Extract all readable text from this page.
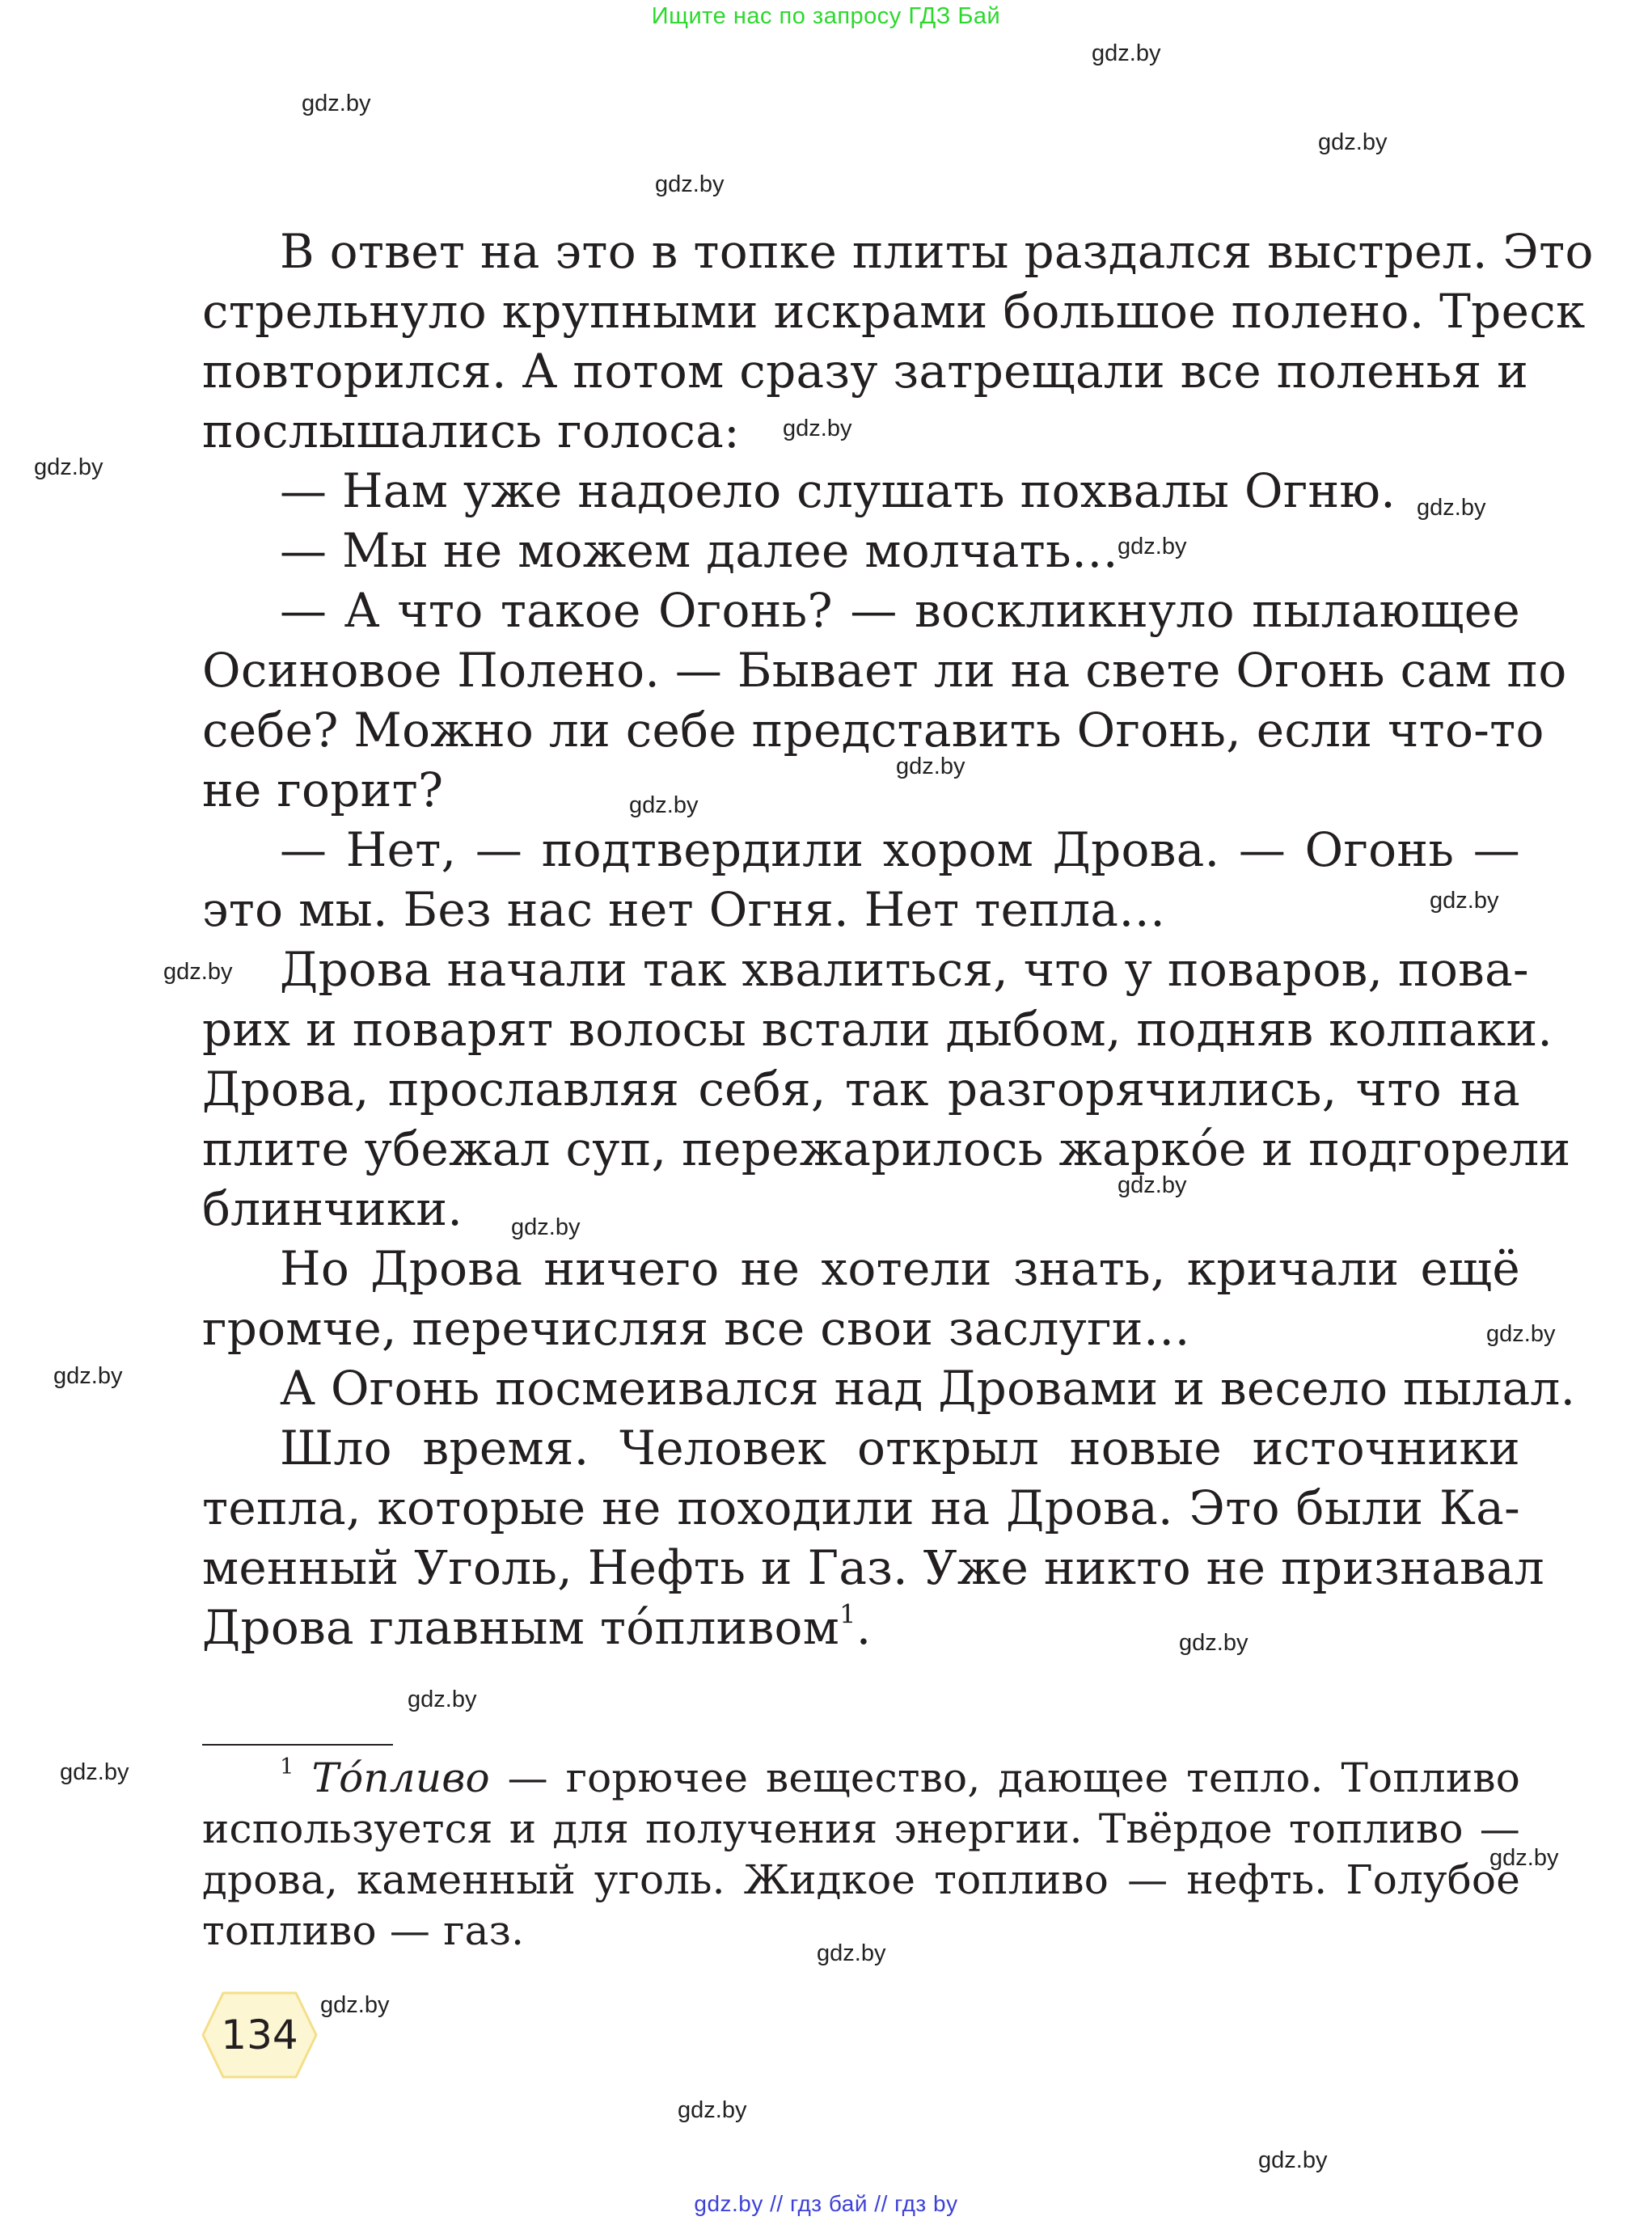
Ищите нас по запросу ГДЗ Бай
gdz.by
gdz.by
gdz.by
gdz.by
gdz.by
gdz.by
gdz.by
gdz.by
gdz.by
gdz.by
gdz.by
gdz.by
gdz.by
gdz.by
gdz.by
gdz.by
gdz.by
gdz.by
gdz.by
gdz.by
gdz.by
gdz.by
gdz.by
gdz.by
В ответ на это в топке плиты раздался выстрел. Это
стрельнуло крупными искрами большое полено. Треск
повторился. А потом сразу затрещали все поленья и
послышались голоса:
— Нам уже надоело слушать похвалы Огню.
— Мы не можем далее молчать…
— А что такое Огонь? — воскликнуло пылающее
Осиновое Полено. — Бывает ли на свете Огонь сам по
себе? Можно ли себе представить Огонь, если что-то
не горит?
— Нет, — подтвердили хором Дрова. — Огонь —
это мы. Без нас нет Огня. Нет тепла…
Дрова начали так хвалиться, что у поваров, пова-
рих и поварят волосы встали дыбом, подняв колпаки.
Дрова, прославляя себя, так разгорячились, что на
плите убежал суп, пережарилось жарко́е и подгорели
блинчики.
Но Дрова ничего не хотели знать, кричали ещё
громче, перечисляя все свои заслуги…
А Огонь посмеивался над Дровами и весело пылал.
Шло время. Человек открыл новые источники
тепла, которые не походили на Дрова. Это были Ка-
менный Уголь, Нефть и Газ. Уже никто не признавал
Дрова главным то́пливом$^1$.
$^1$ То́пливо — горючее вещество, дающее тепло. Топливо
используется и для получения энергии. Твёрдое топливо —
дрова, каменный уголь. Жидкое топливо — нефть. Голубое
топливо — газ.
134
gdz.by // гдз бай // гдз by
